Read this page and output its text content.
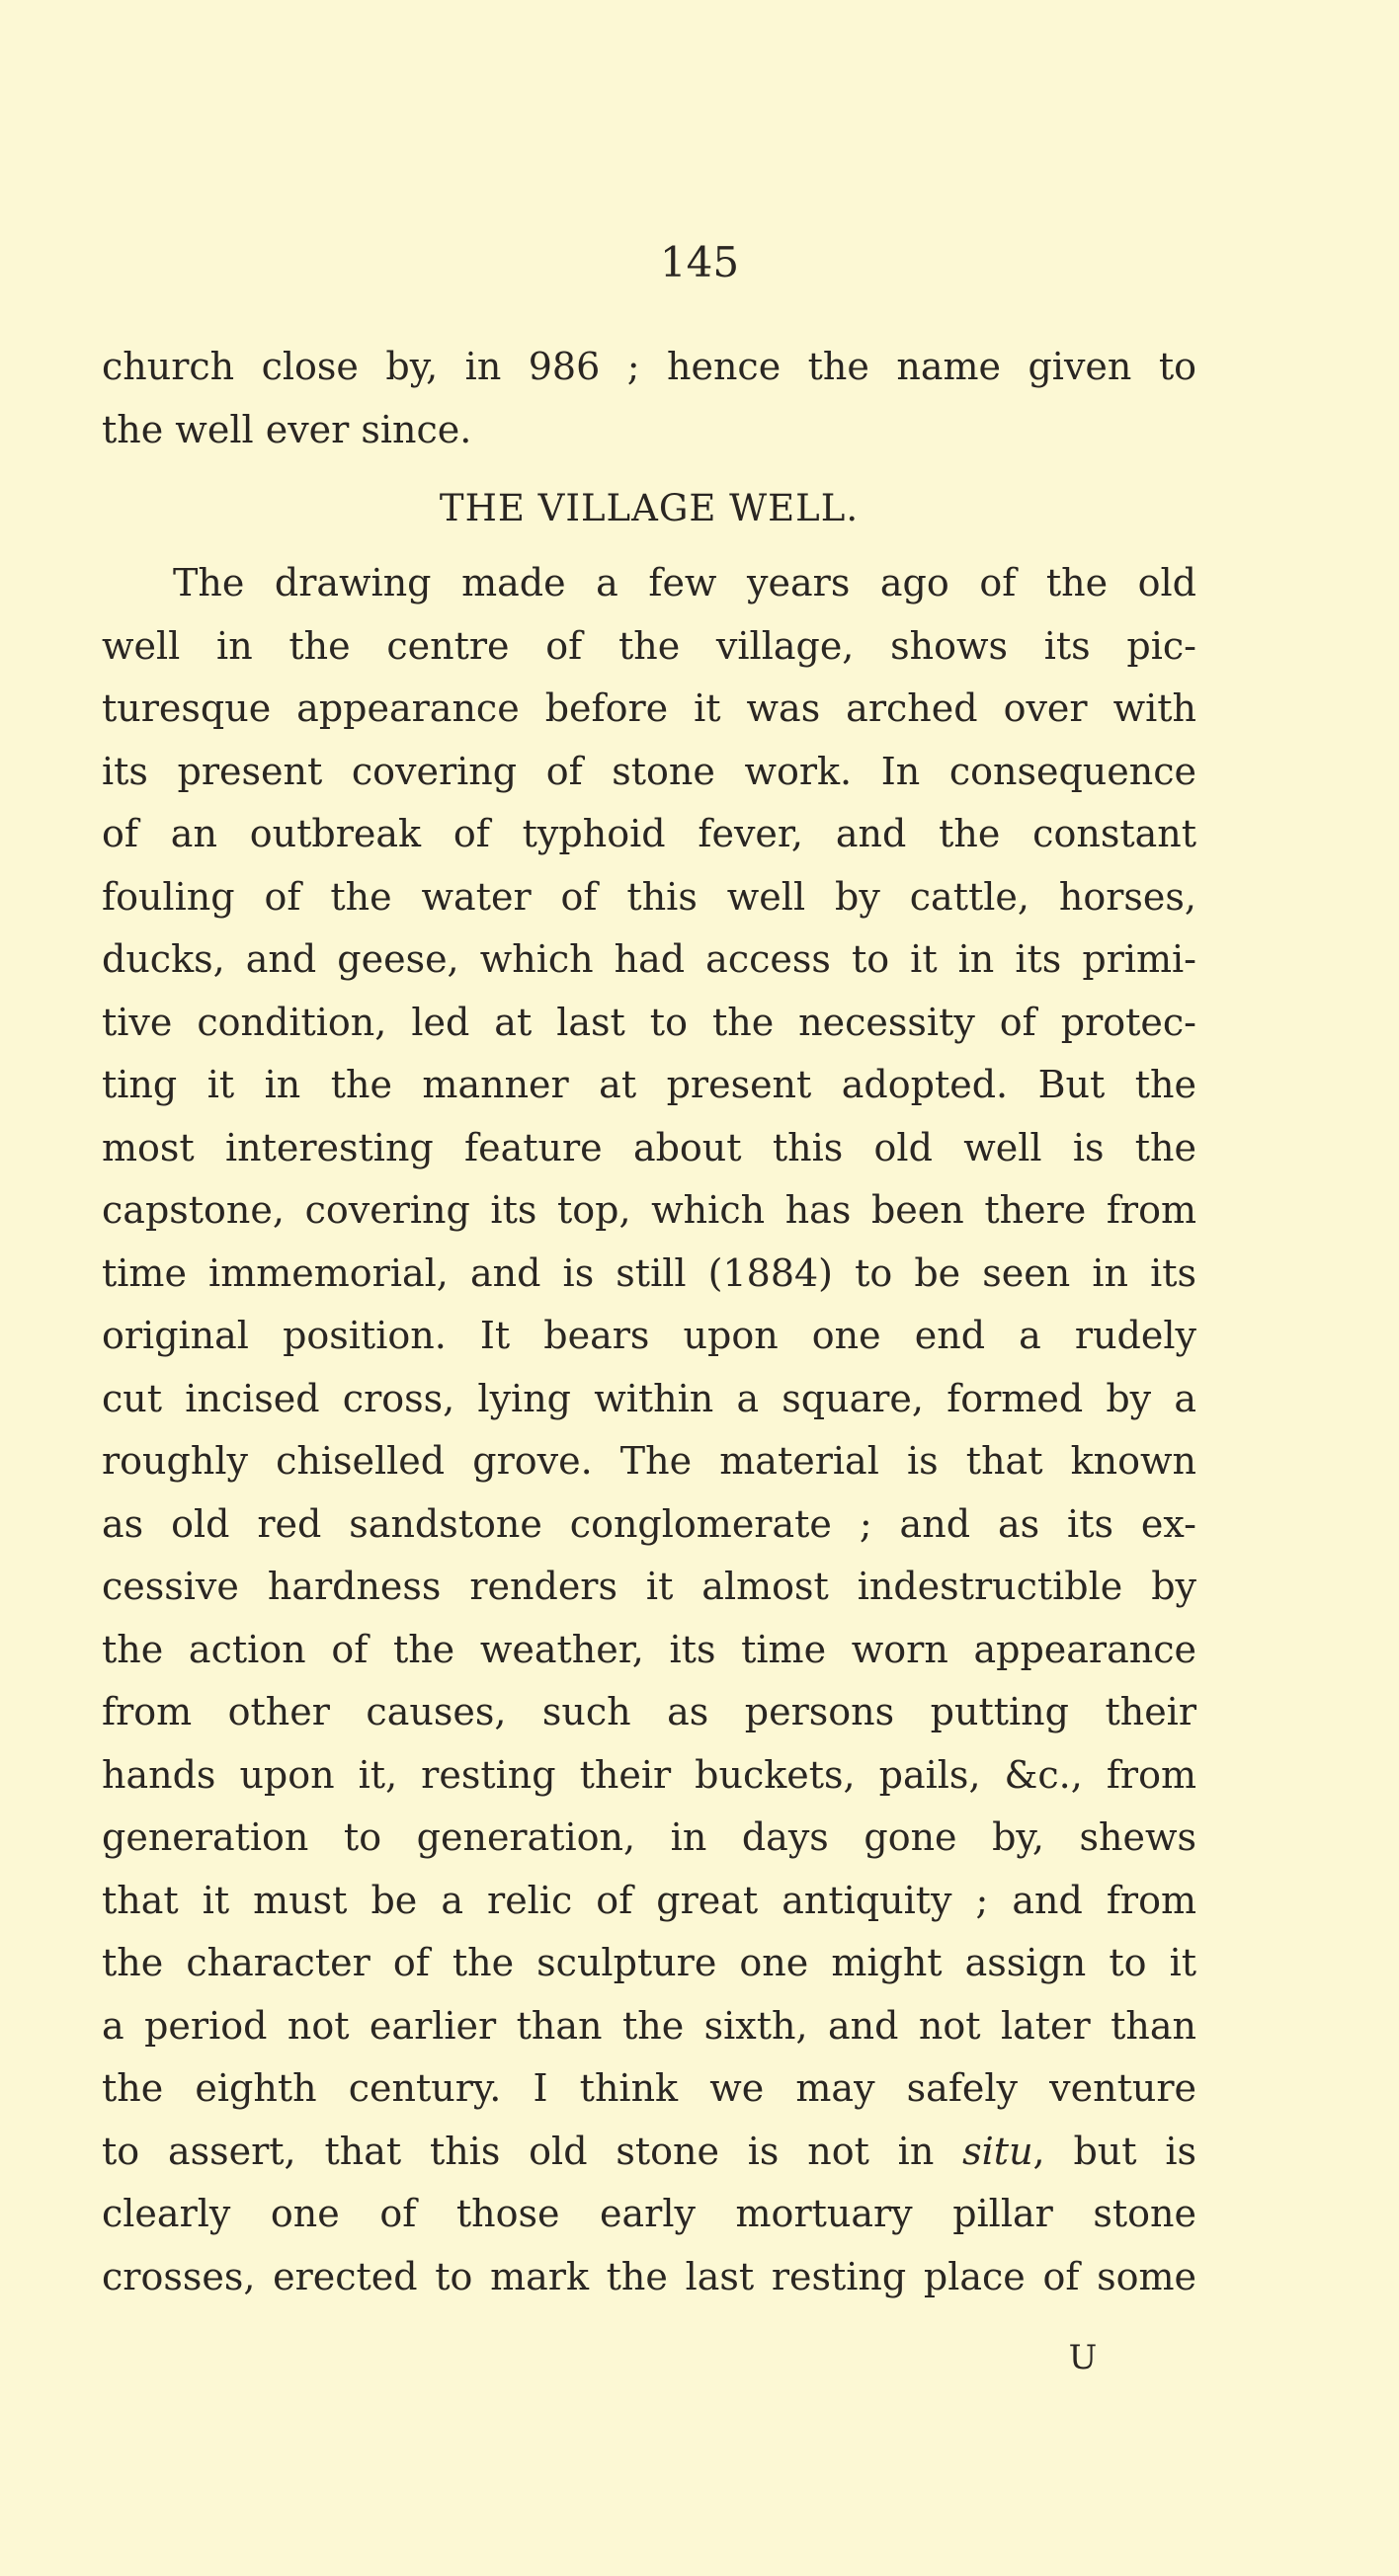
145
church close by, in 986 ; hence the name given to
the well ever since.
THE VILLAGE WELL.
The drawing made a few years ago of the old
well in the centre of the village, shows its pic-
turesque appearance before it was arched over with
its present covering of stone work. In consequence
of an outbreak of typhoid fever, and the constant
fouling of the water of this well by cattle, horses,
ducks, and geese, which had access to it in its primi-
tive condition, led at last to the necessity of protec-
ting it in the manner at present adopted. But the
most interesting feature about this old well is the
capstone, covering its top, which has been there from
time immemorial, and is still (1884) to be seen in its
original position. It bears upon one end a rudely
cut incised cross, lying within a square, formed by a
roughly chiselled grove. The material is that known
as old red sandstone conglomerate ; and as its ex-
cessive hardness renders it almost indestructible by
the action of the weather, its time worn appearance
from other causes, such as persons putting their
hands upon it, resting their buckets, pails, &c., from
generation to generation, in days gone by, shews
that it must be a relic of great antiquity ; and from
the character of the sculpture one might assign to it
a period not earlier than the sixth, and not later than
the eighth century. I think we may safely venture
to assert, that this old stone is not in situ, but is
clearly one of those early mortuary pillar stone
crosses, erected to mark the last resting place of some
U
